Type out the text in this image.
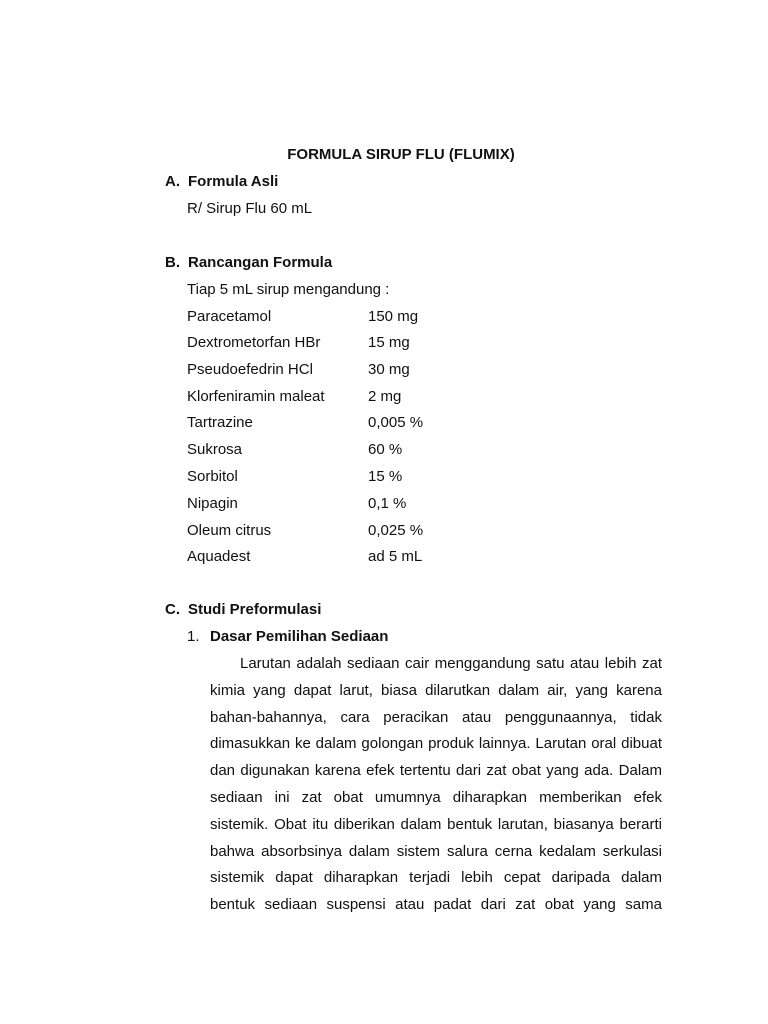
FORMULA SIRUP FLU (FLUMIX)
A. Formula Asli
R/ Sirup Flu 60 mL
B. Rancangan Formula
Tiap 5 mL sirup mengandung :
Paracetamol	150 mg
Dextrometorfan HBr	15 mg
Pseudoefedrin HCl	30 mg
Klorfeniramin maleat	2 mg
Tartrazine	0,005 %
Sukrosa	60 %
Sorbitol	15 %
Nipagin	0,1 %
Oleum citrus	0,025 %
Aquadest	ad 5 mL
C. Studi Preformulasi
1. Dasar Pemilihan Sediaan
Larutan adalah sediaan cair menggandung satu atau lebih zat
kimia yang dapat larut, biasa dilarutkan dalam air, yang karena
bahan-bahannya, cara peracikan atau penggunaannya, tidak
dimasukkan ke dalam golongan produk lainnya. Larutan oral dibuat
dan digunakan karena efek tertentu dari zat obat yang ada. Dalam
sediaan ini zat obat umumnya diharapkan memberikan efek
sistemik. Obat itu diberikan dalam bentuk larutan, biasanya berarti
bahwa absorbsinya dalam sistem salura cerna kedalam serkulasi
sistemik dapat diharapkan terjadi lebih cepat daripada dalam
bentuk sediaan suspensi atau padat dari zat obat yang sama
